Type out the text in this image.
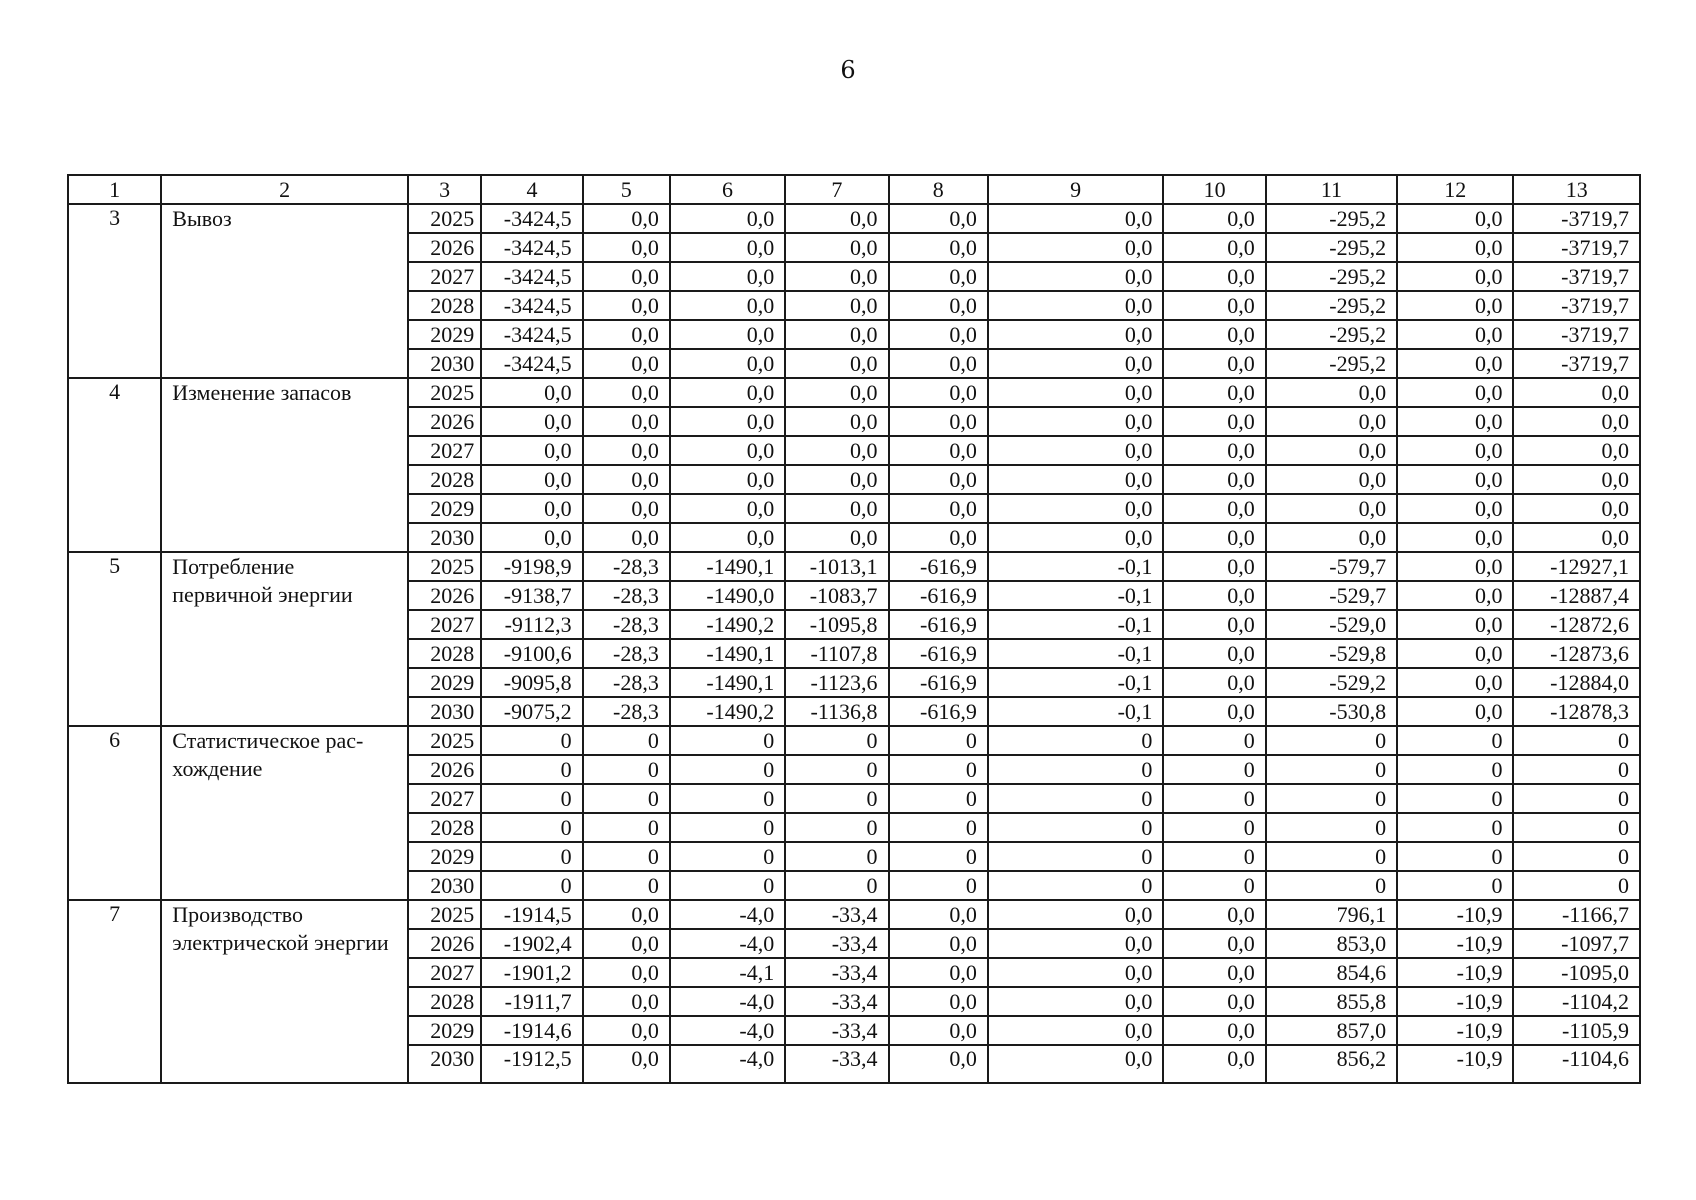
6
1	2	3	4	5	6	7	8	9	10	11	12	13
3	Вывоз	2025	-3424,5	0,0	0,0	0,0	0,0	0,0	0,0	-295,2	0,0	-3719,7
		2026	-3424,5	0,0	0,0	0,0	0,0	0,0	0,0	-295,2	0,0	-3719,7
		2027	-3424,5	0,0	0,0	0,0	0,0	0,0	0,0	-295,2	0,0	-3719,7
		2028	-3424,5	0,0	0,0	0,0	0,0	0,0	0,0	-295,2	0,0	-3719,7
		2029	-3424,5	0,0	0,0	0,0	0,0	0,0	0,0	-295,2	0,0	-3719,7
		2030	-3424,5	0,0	0,0	0,0	0,0	0,0	0,0	-295,2	0,0	-3719,7
4	Изменение запасов	2025	0,0	0,0	0,0	0,0	0,0	0,0	0,0	0,0	0,0	0,0
		2026	0,0	0,0	0,0	0,0	0,0	0,0	0,0	0,0	0,0	0,0
		2027	0,0	0,0	0,0	0,0	0,0	0,0	0,0	0,0	0,0	0,0
		2028	0,0	0,0	0,0	0,0	0,0	0,0	0,0	0,0	0,0	0,0
		2029	0,0	0,0	0,0	0,0	0,0	0,0	0,0	0,0	0,0	0,0
		2030	0,0	0,0	0,0	0,0	0,0	0,0	0,0	0,0	0,0	0,0
5	Потребление первичной энергии	2025	-9198,9	-28,3	-1490,1	-1013,1	-616,9	-0,1	0,0	-579,7	0,0	-12927,1
		2026	-9138,7	-28,3	-1490,0	-1083,7	-616,9	-0,1	0,0	-529,7	0,0	-12887,4
		2027	-9112,3	-28,3	-1490,2	-1095,8	-616,9	-0,1	0,0	-529,0	0,0	-12872,6
		2028	-9100,6	-28,3	-1490,1	-1107,8	-616,9	-0,1	0,0	-529,8	0,0	-12873,6
		2029	-9095,8	-28,3	-1490,1	-1123,6	-616,9	-0,1	0,0	-529,2	0,0	-12884,0
		2030	-9075,2	-28,3	-1490,2	-1136,8	-616,9	-0,1	0,0	-530,8	0,0	-12878,3
6	Статистическое рас-хождение	2025	0	0	0	0	0	0	0	0	0	0
		2026	0	0	0	0	0	0	0	0	0	0
		2027	0	0	0	0	0	0	0	0	0	0
		2028	0	0	0	0	0	0	0	0	0	0
		2029	0	0	0	0	0	0	0	0	0	0
		2030	0	0	0	0	0	0	0	0	0	0
7	Производство электрической энергии	2025	-1914,5	0,0	-4,0	-33,4	0,0	0,0	0,0	796,1	-10,9	-1166,7
		2026	-1902,4	0,0	-4,0	-33,4	0,0	0,0	0,0	853,0	-10,9	-1097,7
		2027	-1901,2	0,0	-4,1	-33,4	0,0	0,0	0,0	854,6	-10,9	-1095,0
		2028	-1911,7	0,0	-4,0	-33,4	0,0	0,0	0,0	855,8	-10,9	-1104,2
		2029	-1914,6	0,0	-4,0	-33,4	0,0	0,0	0,0	857,0	-10,9	-1105,9
		2030	-1912,5	0,0	-4,0	-33,4	0,0	0,0	0,0	856,2	-10,9	-1104,6
